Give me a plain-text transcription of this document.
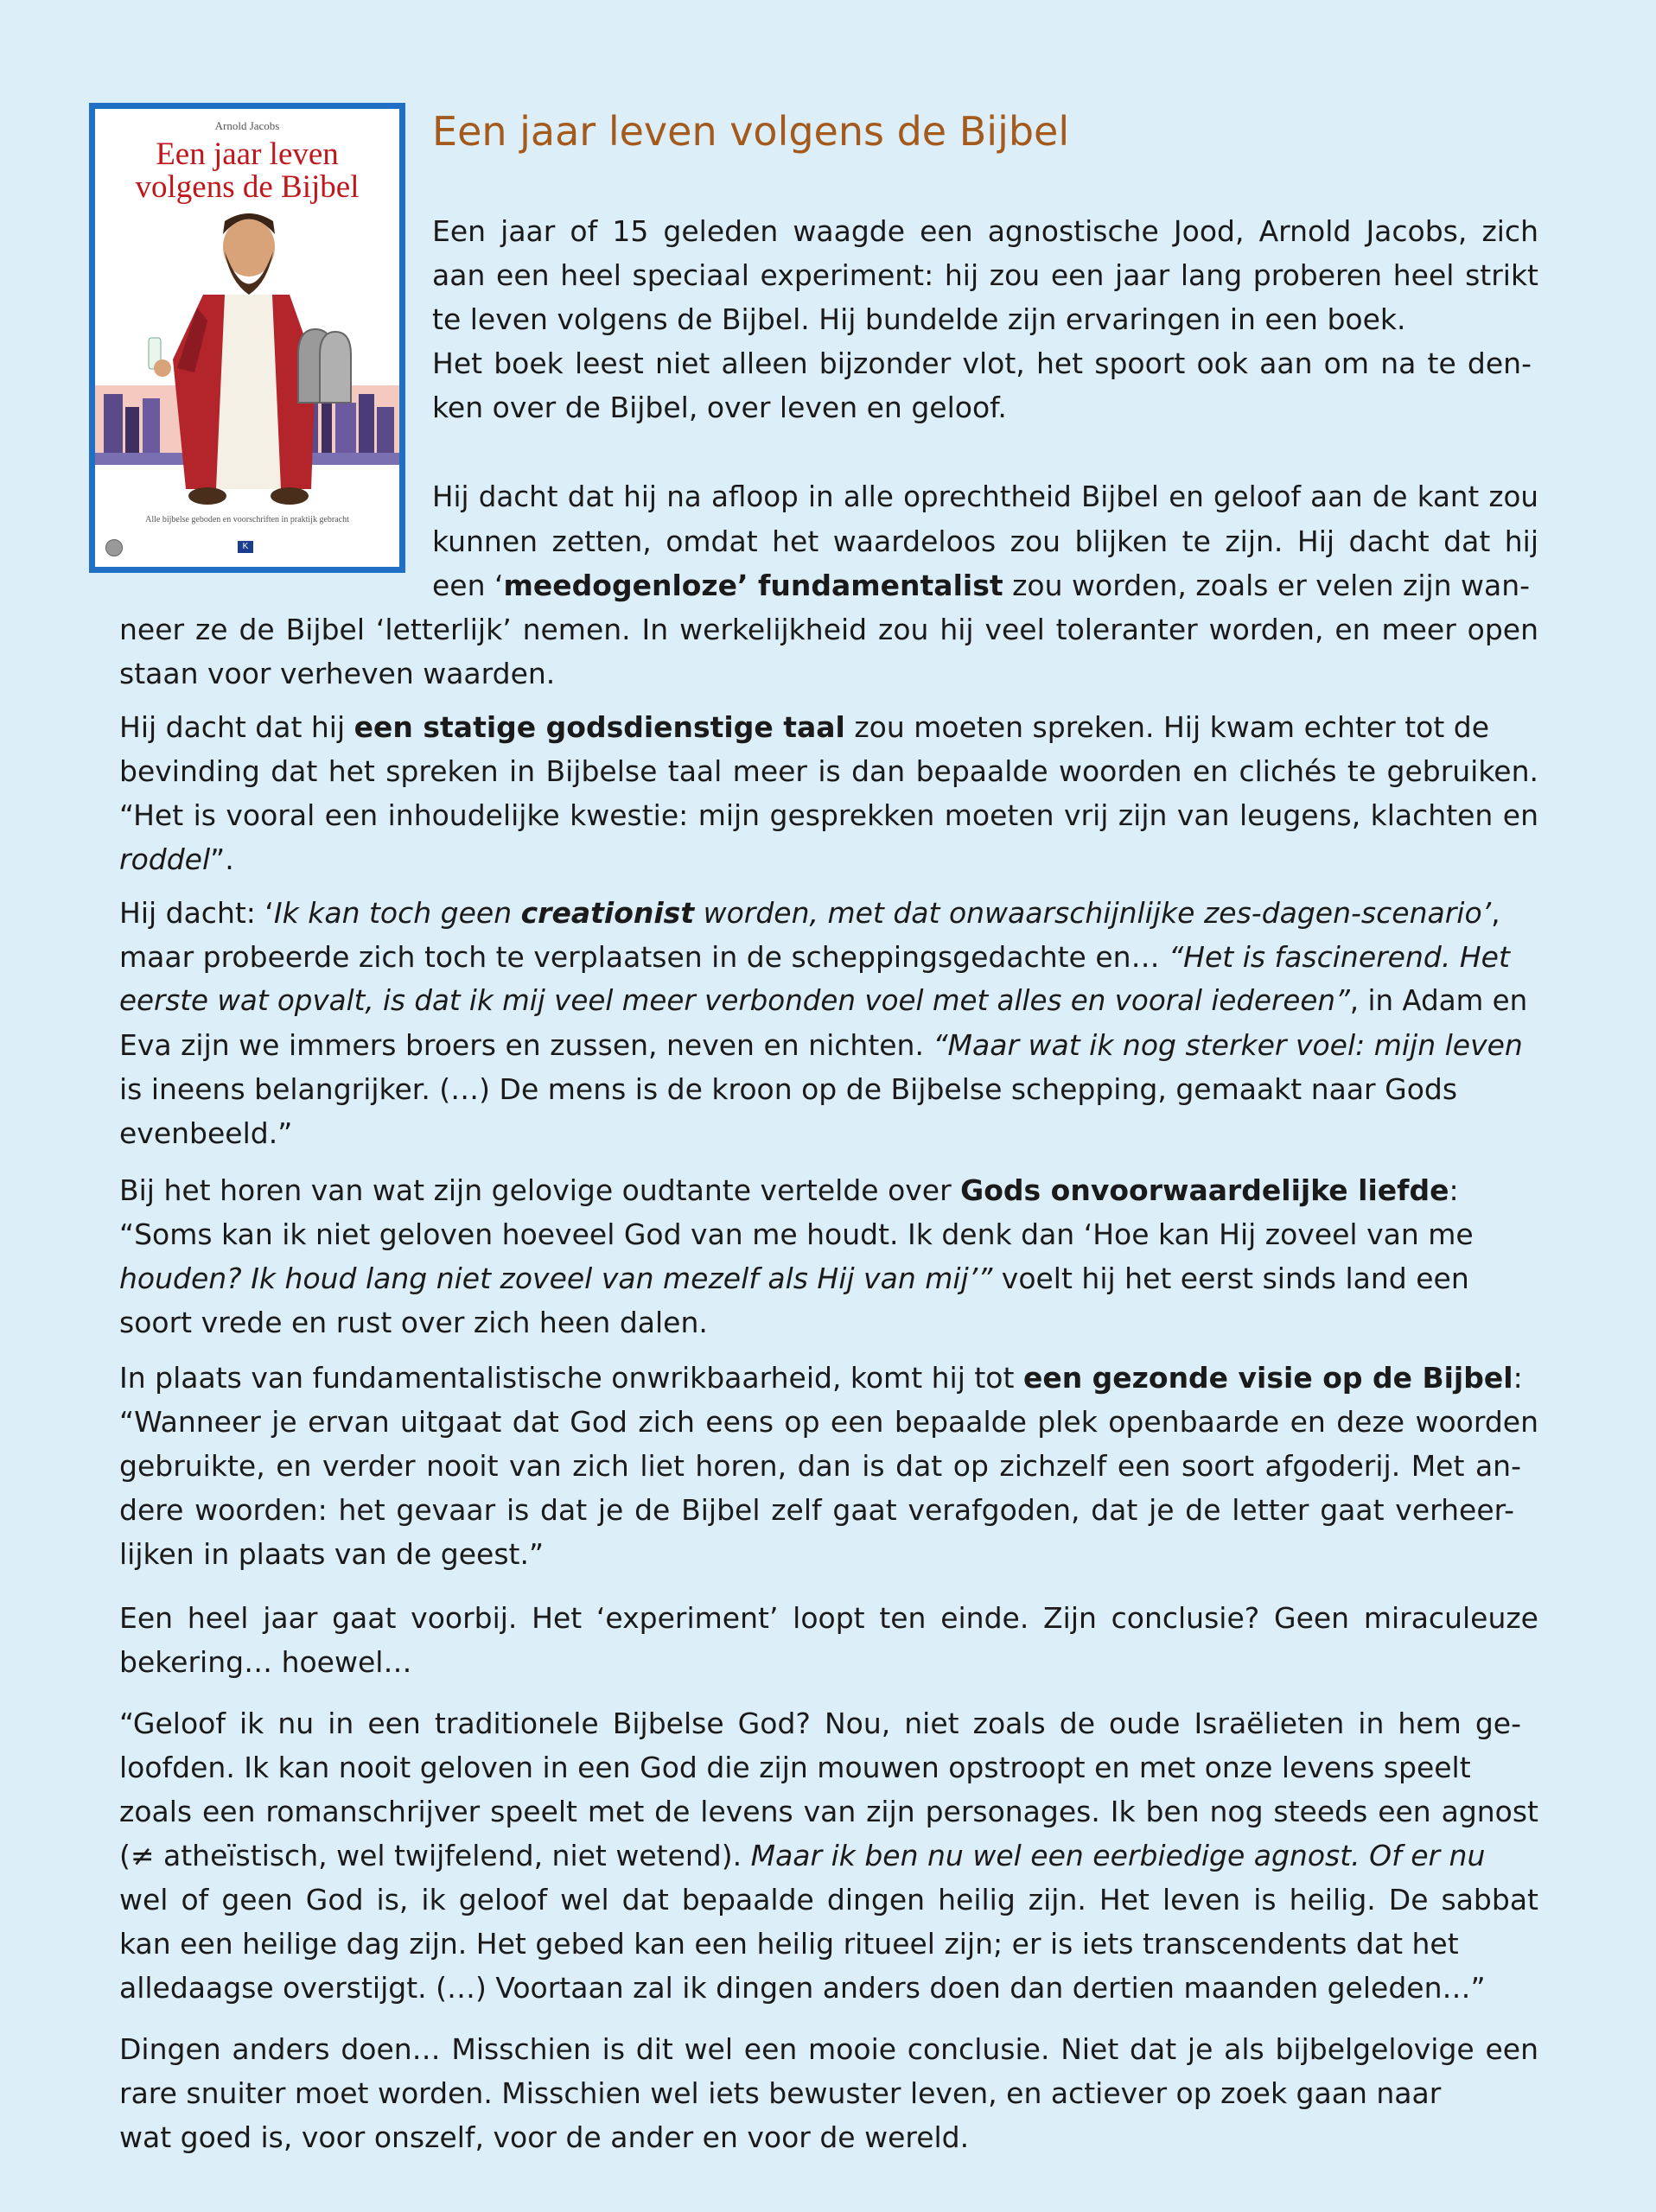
Arnold Jacobs
Een jaar leven
volgens de Bijbel
Alle bijbelse geboden en voorschriften in praktijk gebracht
K
Een jaar leven volgens de Bijbel
Een jaar of 15 geleden waagde een agnostische Jood, Arnold Jacobs, zich
aan een heel speciaal experiment: hij zou een jaar lang proberen heel strikt
te leven volgens de Bijbel. Hij bundelde zijn ervaringen in een boek.
Het boek leest niet alleen bijzonder vlot, het spoort ook aan om na te den-
ken over de Bijbel, over leven en geloof.
Hij dacht dat hij na afloop in alle oprechtheid Bijbel en geloof aan de kant zou
kunnen zetten, omdat het waardeloos zou blijken te zijn. Hij dacht dat hij
een ‘meedogenloze’ fundamentalist zou worden, zoals er velen zijn wan-
neer ze de Bijbel ‘letterlijk’ nemen. In werkelijkheid zou hij veel toleranter worden, en meer open
staan voor verheven waarden.
Hij dacht dat hij een statige godsdienstige taal zou moeten spreken. Hij kwam echter tot de
bevinding dat het spreken in Bijbelse taal meer is dan bepaalde woorden en clichés te gebruiken.
“Het is vooral een inhoudelijke kwestie: mijn gesprekken moeten vrij zijn van leugens, klachten en
roddel”.
Hij dacht: ‘Ik kan toch geen creationist worden, met dat onwaarschijnlijke zes-dagen-scenario’,
maar probeerde zich toch te verplaatsen in de scheppingsgedachte en… “Het is fascinerend. Het
eerste wat opvalt, is dat ik mij veel meer verbonden voel met alles en vooral iedereen”, in Adam en
Eva zijn we immers broers en zussen, neven en nichten. “Maar wat ik nog sterker voel: mijn leven
is ineens belangrijker. (…) De mens is de kroon op de Bijbelse schepping, gemaakt naar Gods
evenbeeld.”
Bij het horen van wat zijn gelovige oudtante vertelde over Gods onvoorwaardelijke liefde:
“Soms kan ik niet geloven hoeveel God van me houdt. Ik denk dan ‘Hoe kan Hij zoveel van me
houden? Ik houd lang niet zoveel van mezelf als Hij van mij’” voelt hij het eerst sinds land een
soort vrede en rust over zich heen dalen.
In plaats van fundamentalistische onwrikbaarheid, komt hij tot een gezonde visie op de Bijbel:
“Wanneer je ervan uitgaat dat God zich eens op een bepaalde plek openbaarde en deze woorden
gebruikte, en verder nooit van zich liet horen, dan is dat op zichzelf een soort afgoderij. Met an-
dere woorden: het gevaar is dat je de Bijbel zelf gaat verafgoden, dat je de letter gaat verheer-
lijken in plaats van de geest.”
Een heel jaar gaat voorbij. Het ‘experiment’ loopt ten einde. Zijn conclusie? Geen miraculeuze
bekering… hoewel…
“Geloof ik nu in een traditionele Bijbelse God? Nou, niet zoals de oude Israëlieten in hem ge-
loofden. Ik kan nooit geloven in een God die zijn mouwen opstroopt en met onze levens speelt
zoals een romanschrijver speelt met de levens van zijn personages. Ik ben nog steeds een agnost
(≠ atheïstisch, wel twijfelend, niet wetend). Maar ik ben nu wel een eerbiedige agnost. Of er nu
wel of geen God is, ik geloof wel dat bepaalde dingen heilig zijn. Het leven is heilig. De sabbat
kan een heilige dag zijn. Het gebed kan een heilig ritueel zijn; er is iets transcendents dat het
alledaagse overstijgt. (…) Voortaan zal ik dingen anders doen dan dertien maanden geleden…”
Dingen anders doen… Misschien is dit wel een mooie conclusie. Niet dat je als bijbelgelovige een
rare snuiter moet worden. Misschien wel iets bewuster leven, en actiever op zoek gaan naar
wat goed is, voor onszelf, voor de ander en voor de wereld.
